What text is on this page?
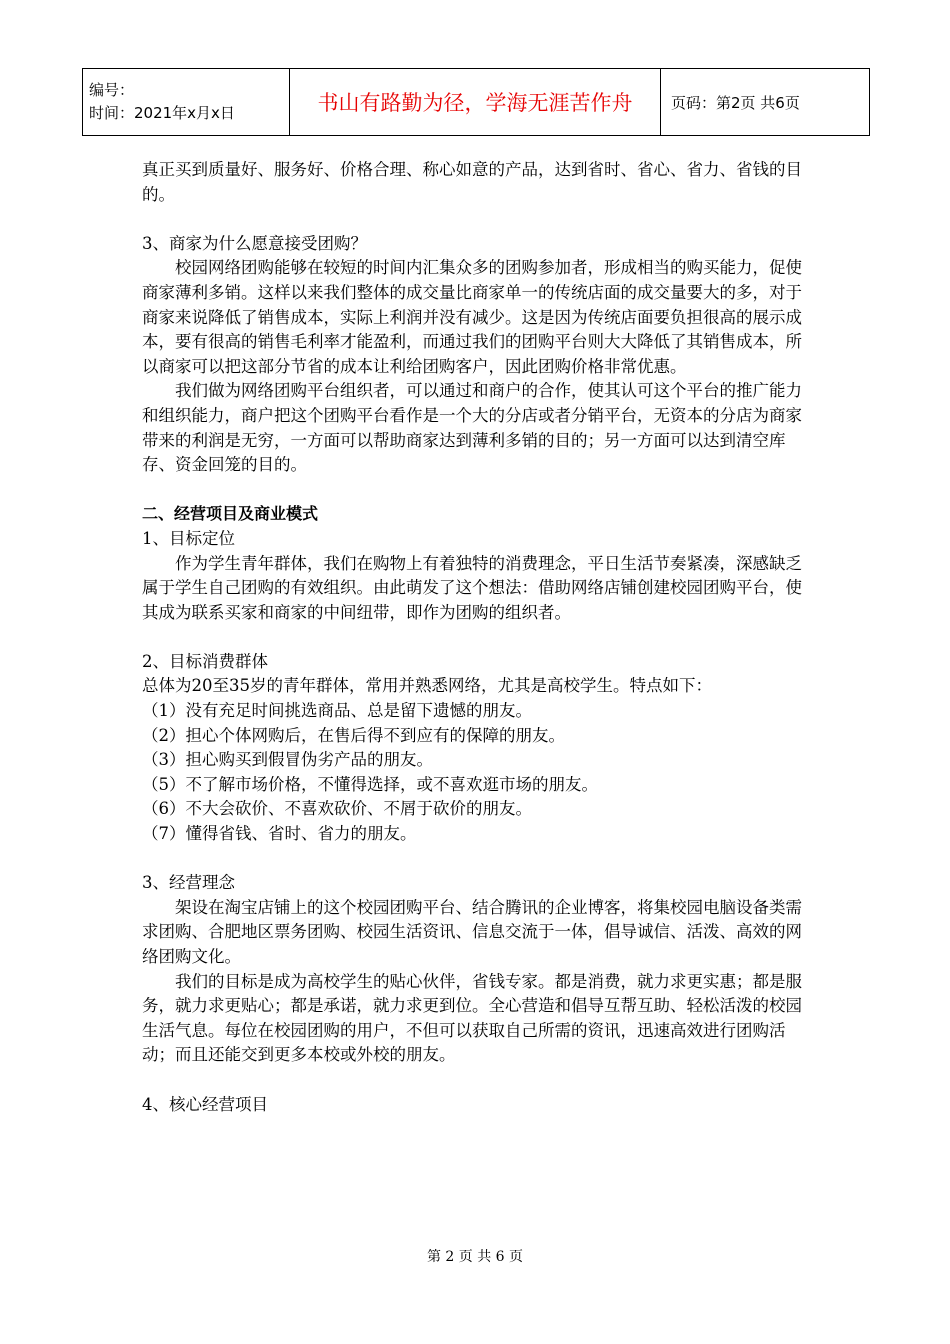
编号：
时间：2021年x月x日	书山有路勤为径，学海无涯苦作舟	页码：第2页 共6页

真正买到质量好、服务好、价格合理、称心如意的产品，达到省时、省心、省力、省钱的目的。

3、商家为什么愿意接受团购？

校园网络团购能够在较短的时间内汇集众多的团购参加者，形成相当的购买能力，促使商家薄利多销。这样以来我们整体的成交量比商家单一的传统店面的成交量要大的多，对于商家来说降低了销售成本，实际上利润并没有减少。这是因为传统店面要负担很高的展示成本，要有很高的销售毛利率才能盈利，而通过我们的团购平台则大大降低了其销售成本，所以商家可以把这部分节省的成本让利给团购客户，因此团购价格非常优惠。

我们做为网络团购平台组织者，可以通过和商户的合作，使其认可这个平台的推广能力和组织能力，商户把这个团购平台看作是一个大的分店或者分销平台，无资本的分店为商家带来的利润是无穷，一方面可以帮助商家达到薄利多销的目的；另一方面可以达到清空库存、资金回笼的目的。

二、经营项目及商业模式

1、目标定位

作为学生青年群体，我们在购物上有着独特的消费理念，平日生活节奏紧凑，深感缺乏属于学生自己团购的有效组织。由此萌发了这个想法：借助网络店铺创建校园团购平台，使其成为联系买家和商家的中间纽带，即作为团购的组织者。

2、目标消费群体

总体为20至35岁的青年群体，常用并熟悉网络，尤其是高校学生。特点如下：

（1）没有充足时间挑选商品、总是留下遗憾的朋友。

（2）担心个体网购后，在售后得不到应有的保障的朋友。

（3）担心购买到假冒伪劣产品的朋友。

（5）不了解市场价格，不懂得选择，或不喜欢逛市场的朋友。

（6）不大会砍价、不喜欢砍价、不屑于砍价的朋友。

（7）懂得省钱、省时、省力的朋友。

3、经营理念

架设在淘宝店铺上的这个校园团购平台、结合腾讯的企业博客，将集校园电脑设备类需求团购、合肥地区票务团购、校园生活资讯、信息交流于一体，倡导诚信、活泼、高效的网络团购文化。

我们的目标是成为高校学生的贴心伙伴，省钱专家。都是消费，就力求更实惠；都是服务，就力求更贴心；都是承诺，就力求更到位。全心营造和倡导互帮互助、轻松活泼的校园生活气息。每位在校园团购的用户，不但可以获取自己所需的资讯，迅速高效进行团购活动；而且还能交到更多本校或外校的朋友。

4、核心经营项目

第 2 页 共 6 页
